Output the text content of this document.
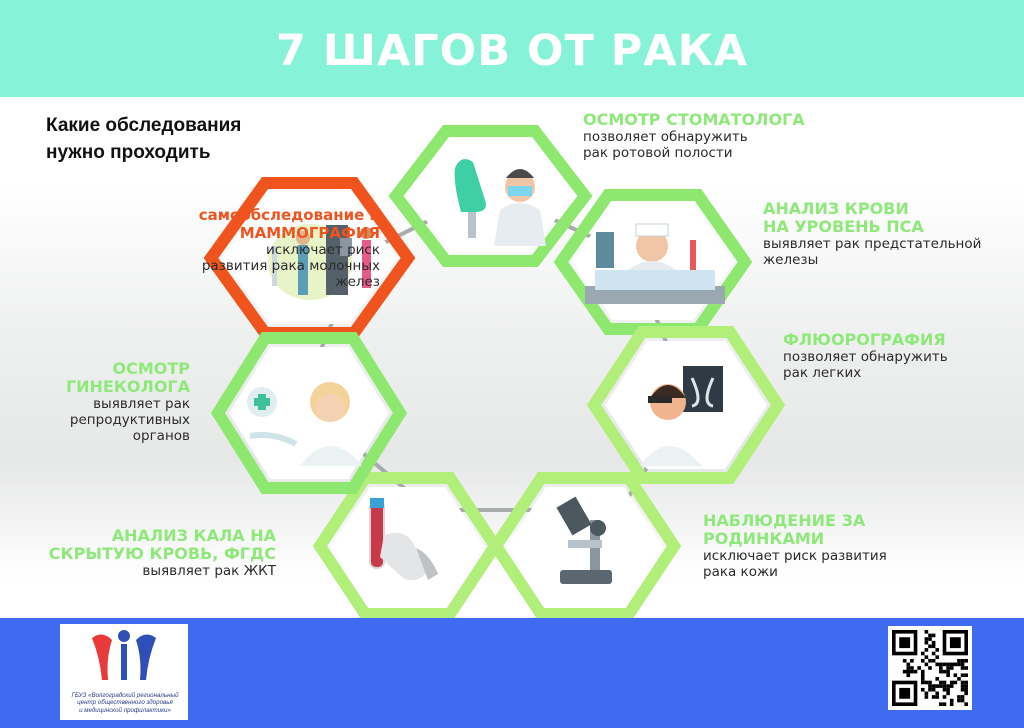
7 ШАГОВ ОТ РАКА

Какие обследования
нужно проходить

самообследование и
МАММОГРАФИЯ
исключает риск
развития рака молочных
желез
ОСМОТР СТОМАТОЛОГА
позволяет обнаружить
рак ротовой полости
АНАЛИЗ КРОВИ
НА УРОВЕНЬ ПСА
выявляет рак предстательной
железы
ФЛЮОРОГРАФИЯ
позволяет обнаружить
рак легких
НАБЛЮДЕНИЕ ЗА
РОДИНКАМИ
исключает риск развития
рака кожи
АНАЛИЗ КАЛА НА
СКРЫТУЮ КРОВЬ, ФГДС
выявляет рак ЖКТ
ОСМОТР
ГИНЕКОЛОГА
выявляет рак
репродуктивных
органов
ГБУЗ «Волгоградский региональный
центр общественного здоровья
и медицинской профилактики»
